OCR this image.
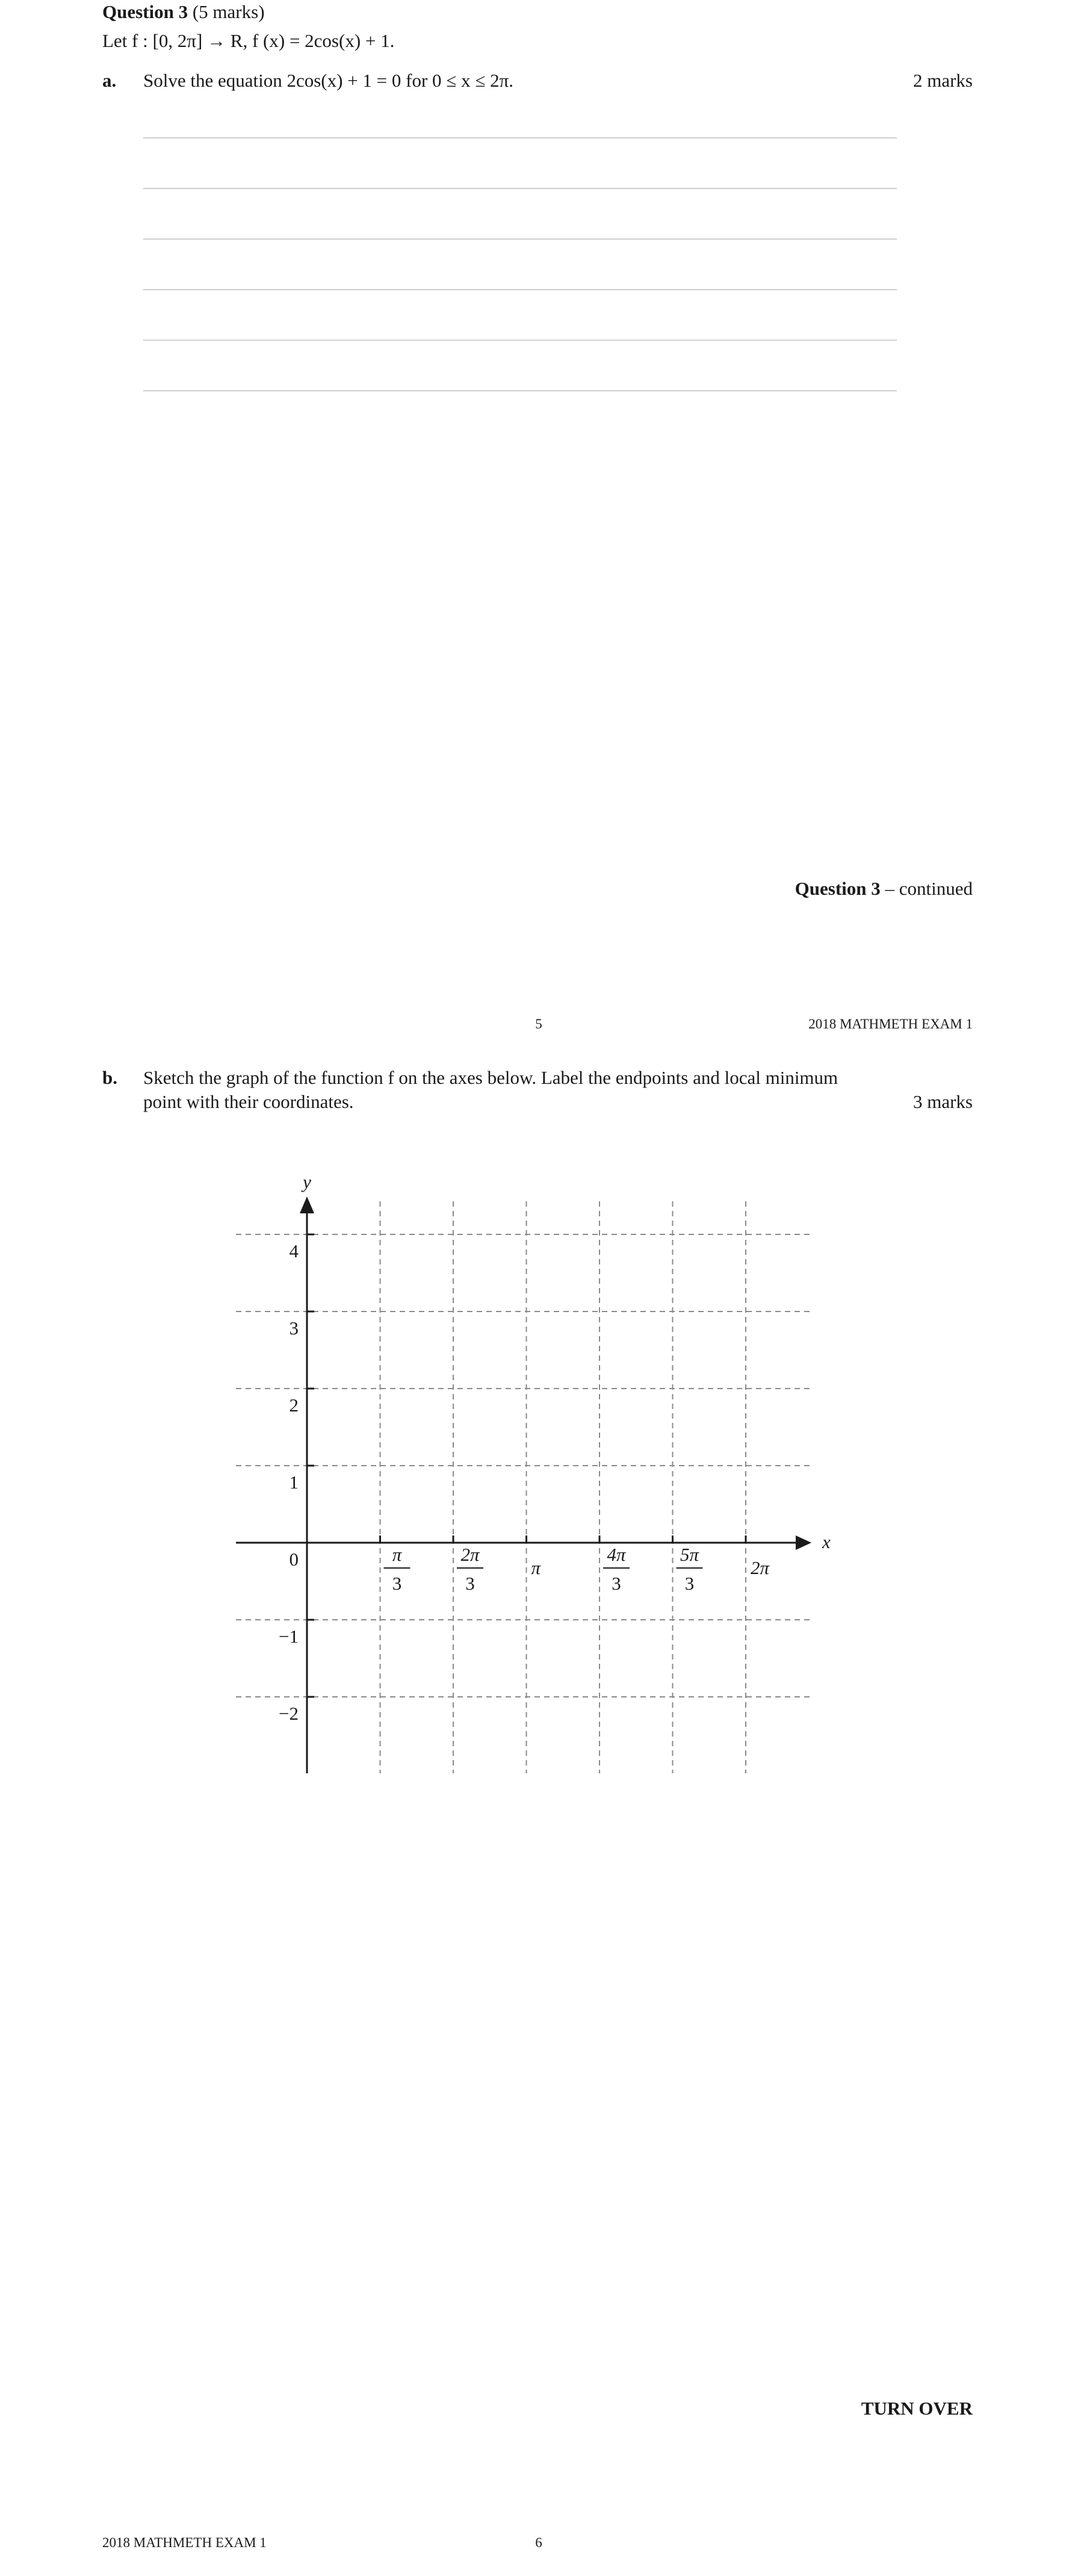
Question 3 (5 marks)
Let f : [0, 2π] → R, f (x) = 2cos(x) + 1.
a. Solve the equation 2cos(x) + 1 = 0 for 0 ≤ x ≤ 2π.	2 marks
Question 3 – continued
5	2018 MATHMETH EXAM 1
b. Sketch the graph of the function f on the axes below. Label the endpoints and local minimum
point with their coordinates.	3 marks
x
y
4
3
2
1
0
−1
−2
π
3
2π
3
π
4π
3
5π
3
2π
TURN OVER
2018 MATHMETH EXAM 1	6
